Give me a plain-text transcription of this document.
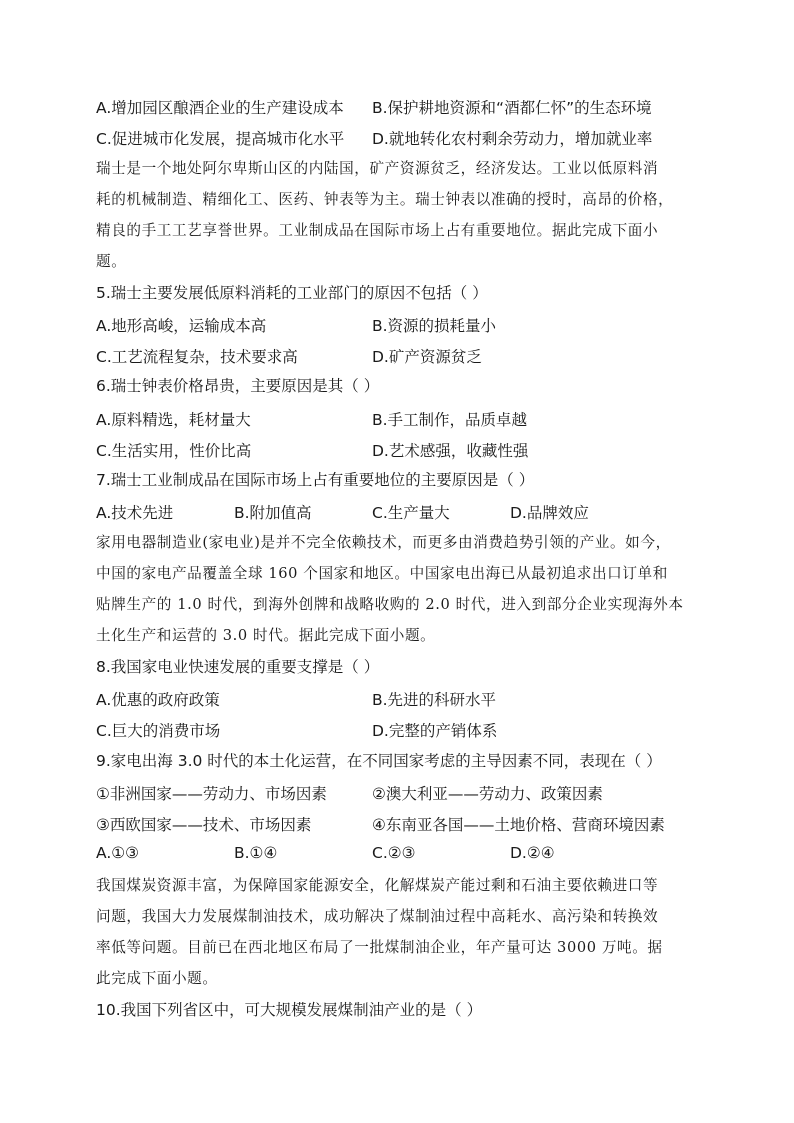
A.增加园区酿酒企业的生产建设成本 B.保护耕地资源和“酒都仁怀”的生态环境
C.促进城市化发展，提高城市化水平 D.就地转化农村剩余劳动力，增加就业率
瑞士是一个地处阿尔卑斯山区的内陆国，矿产资源贫乏，经济发达。工业以低原料消
耗的机械制造、精细化工、医药、钟表等为主。瑞士钟表以准确的授时，高昂的价格，
精良的手工工艺享誉世界。工业制成品在国际市场上占有重要地位。据此完成下面小
题。
5.瑞士主要发展低原料消耗的工业部门的原因不包括（ ）
A.地形高峻，运输成本高	B.资源的损耗量小
C.工艺流程复杂，技术要求高	D.矿产资源贫乏
6.瑞士钟表价格昂贵，主要原因是其（ ）
A.原料精选，耗材量大	B.手工制作，品质卓越
C.生活实用，性价比高	D.艺术感强，收藏性强
7.瑞士工业制成品在国际市场上占有重要地位的主要原因是（ ）
A.技术先进	B.附加值高	C.生产量大	D.品牌效应
家用电器制造业(家电业)是并不完全依赖技术，而更多由消费趋势引领的产业。如今，
中国的家电产品覆盖全球 160 个国家和地区。中国家电出海已从最初追求出口订单和
贴牌生产的 1.0 时代，到海外创牌和战略收购的 2.0 时代，进入到部分企业实现海外本
土化生产和运营的 3.0 时代。据此完成下面小题。
8.我国家电业快速发展的重要支撑是（ ）
A.优惠的政府政策	B.先进的科研水平
C.巨大的消费市场	D.完整的产销体系
9.家电出海 3.0 时代的本土化运营，在不同国家考虑的主导因素不同，表现在（ ）
①非洲国家——劳动力、市场因素	②澳大利亚——劳动力、政策因素
③西欧国家——技术、市场因素	④东南亚各国——土地价格、营商环境因素
A.①③	B.①④	C.②③	D.②④
我国煤炭资源丰富，为保障国家能源安全，化解煤炭产能过剩和石油主要依赖进口等
问题，我国大力发展煤制油技术，成功解决了煤制油过程中高耗水、高污染和转换效
率低等问题。目前已在西北地区布局了一批煤制油企业，年产量可达 3000 万吨。据
此完成下面小题。
10.我国下列省区中，可大规模发展煤制油产业的是（ ）
